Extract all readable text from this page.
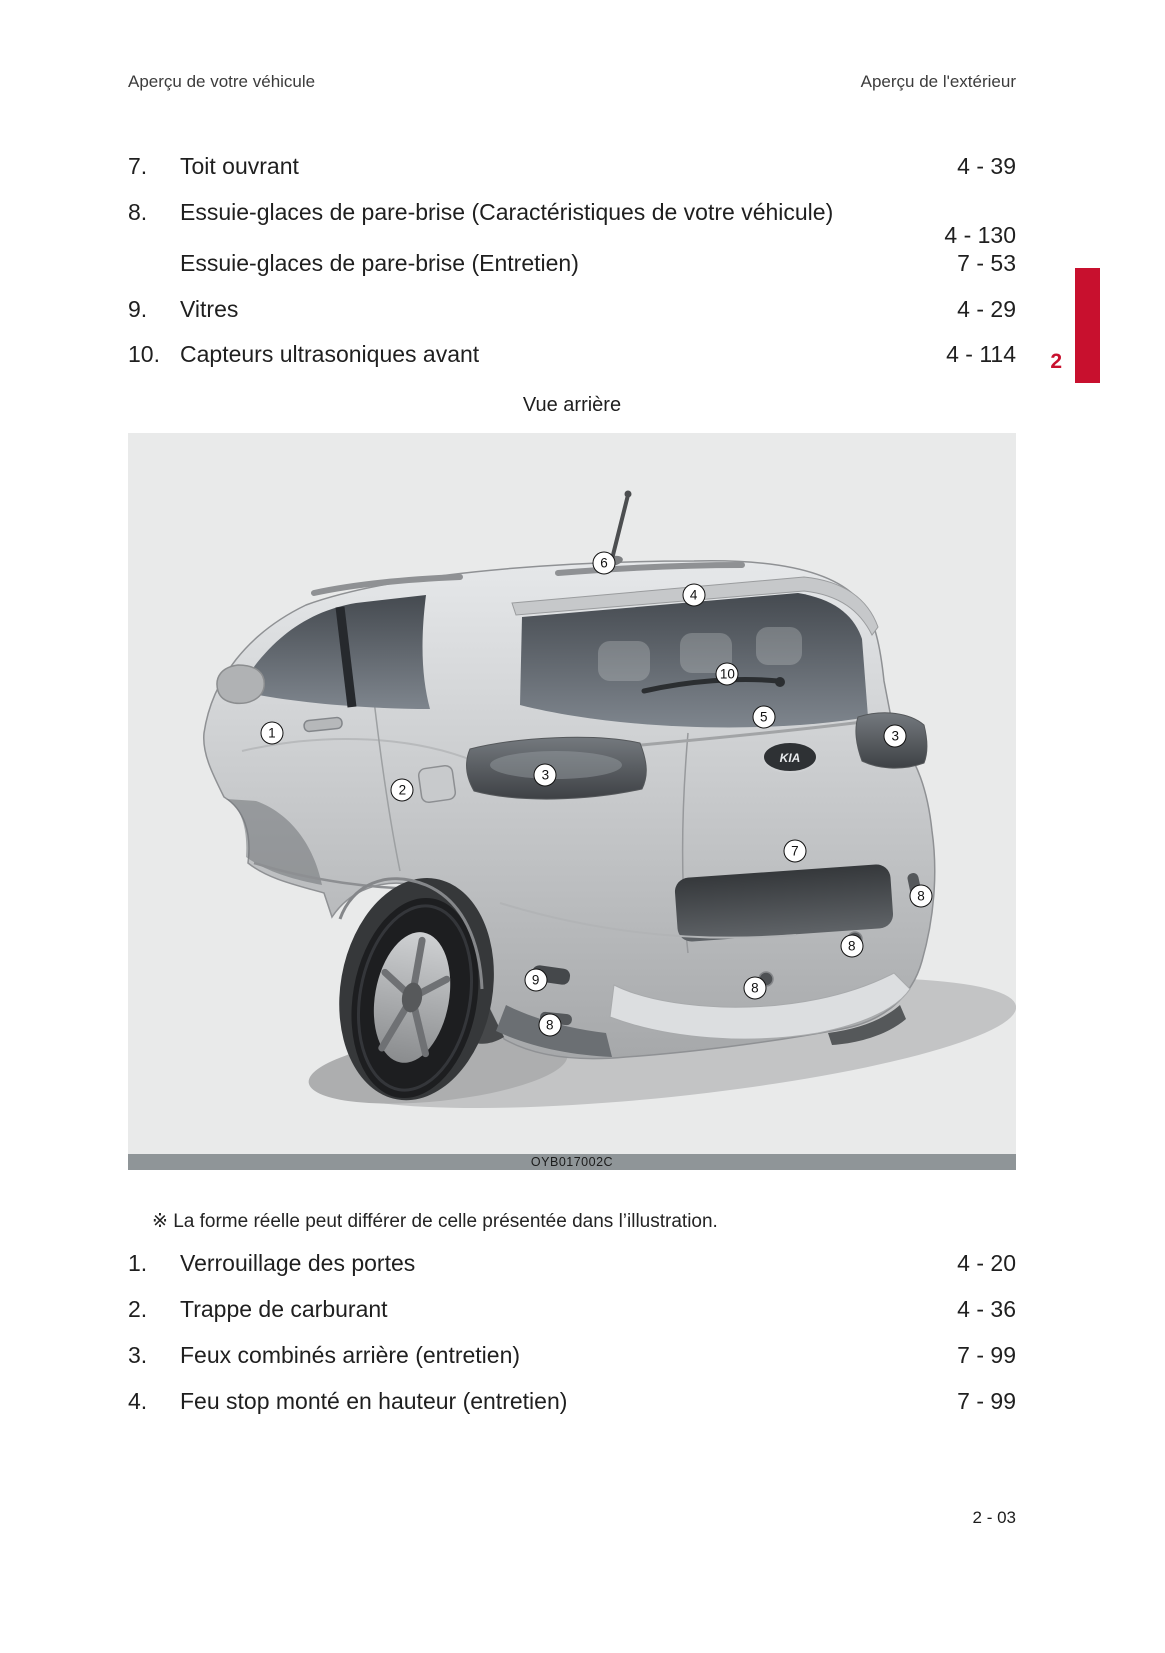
2
Aperçu de votre véhicule	Aperçu de l'extérieur
7.	Toit ouvrant	4 - 39
8.	Essuie-glaces de pare-brise (Caractéristiques de votre véhicule)
4 - 130
Essuie-glaces de pare-brise (Entretien)	7 - 53
9.	Vitres	4 - 29
10. Capteurs ultrasoniques avant	4 - 114
Vue arrière
KIA
6
4
10
5
3
1
3
2
7
8
8
8
9
8
OYB017002C
※ La forme réelle peut différer de celle présentée dans l’illustration.
1.	Verrouillage des portes	4 - 20
2.	Trappe de carburant	4 - 36
3.	Feux combinés arrière (entretien)	7 - 99
4.	Feu stop monté en hauteur (entretien)	7 - 99
2 - 03
